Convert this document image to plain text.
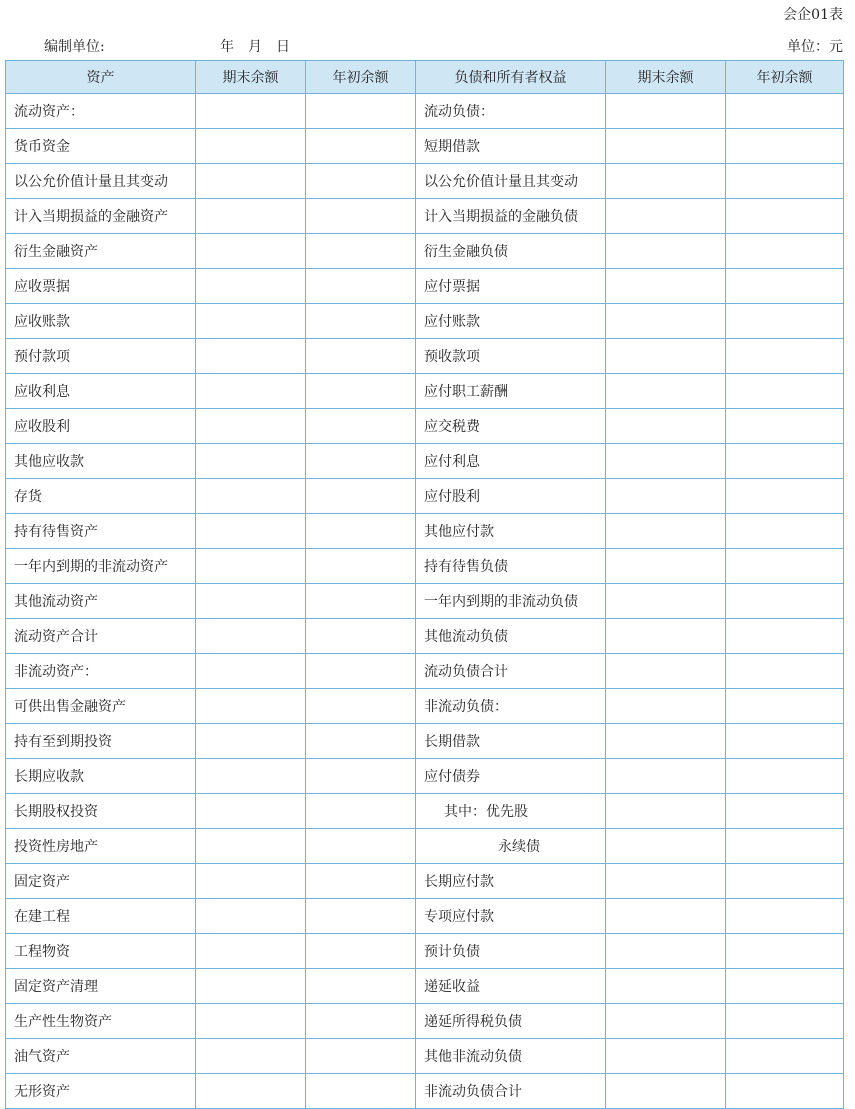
会企01表
编制单位:	年　月　日	单位：元
资产	期末余额	年初余额	负债和所有者权益	期末余额	年初余额
流动资产：			流动负债：		
货币资金			短期借款		
以公允价值计量且其变动			以公允价值计量且其变动		
计入当期损益的金融资产			计入当期损益的金融负债		
衍生金融资产			衍生金融负债		
应收票据			应付票据		
应收账款			应付账款		
预付款项			预收款项		
应收利息			应付职工薪酬		
应收股利			应交税费		
其他应收款			应付利息		
存货			应付股利		
持有待售资产			其他应付款		
一年内到期的非流动资产			持有待售负债		
其他流动资产			一年内到期的非流动负债		
流动资产合计			其他流动负债		
非流动资产：			流动负债合计		
可供出售金融资产			非流动负债：		
持有至到期投资			长期借款		
长期应收款			应付债券		
长期股权投资			其中：优先股		
投资性房地产			永续债		
固定资产			长期应付款		
在建工程			专项应付款		
工程物资			预计负债		
固定资产清理			递延收益		
生产性生物资产			递延所得税负债		
油气资产			其他非流动负债		
无形资产			非流动负债合计		
